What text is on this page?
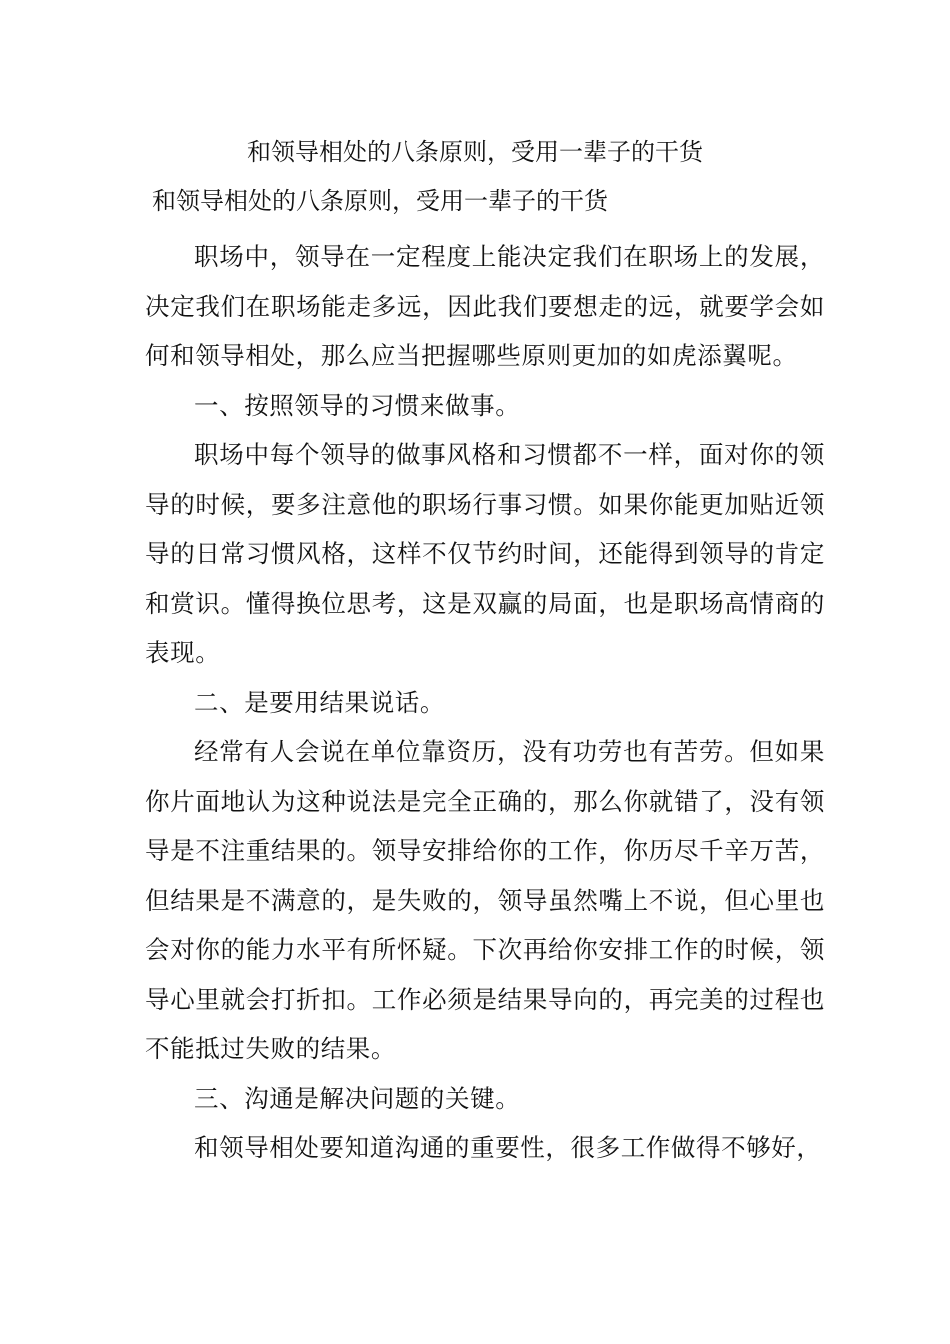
和领导相处的八条原则，受用一辈子的干货
和领导相处的八条原则，受用一辈子的干货

职场中，领导在一定程度上能决定我们在职场上的发展，决定我们在职场能走多远，因此我们要想走的远，就要学会如何和领导相处，那么应当把握哪些原则更加的如虎添翼呢。

一、按照领导的习惯来做事。

职场中每个领导的做事风格和习惯都不一样，面对你的领导的时候，要多注意他的职场行事习惯。如果你能更加贴近领导的日常习惯风格，这样不仅节约时间，还能得到领导的肯定和赏识。懂得换位思考，这是双赢的局面，也是职场高情商的表现。

二、是要用结果说话。

经常有人会说在单位靠资历，没有功劳也有苦劳。但如果你片面地认为这种说法是完全正确的，那么你就错了，没有领导是不注重结果的。领导安排给你的工作，你历尽千辛万苦，但结果是不满意的，是失败的，领导虽然嘴上不说，但心里也会对你的能力水平有所怀疑。下次再给你安排工作的时候，领导心里就会打折扣。工作必须是结果导向的，再完美的过程也不能抵过失败的结果。

三、沟通是解决问题的关键。

和领导相处要知道沟通的重要性，很多工作做得不够好，
